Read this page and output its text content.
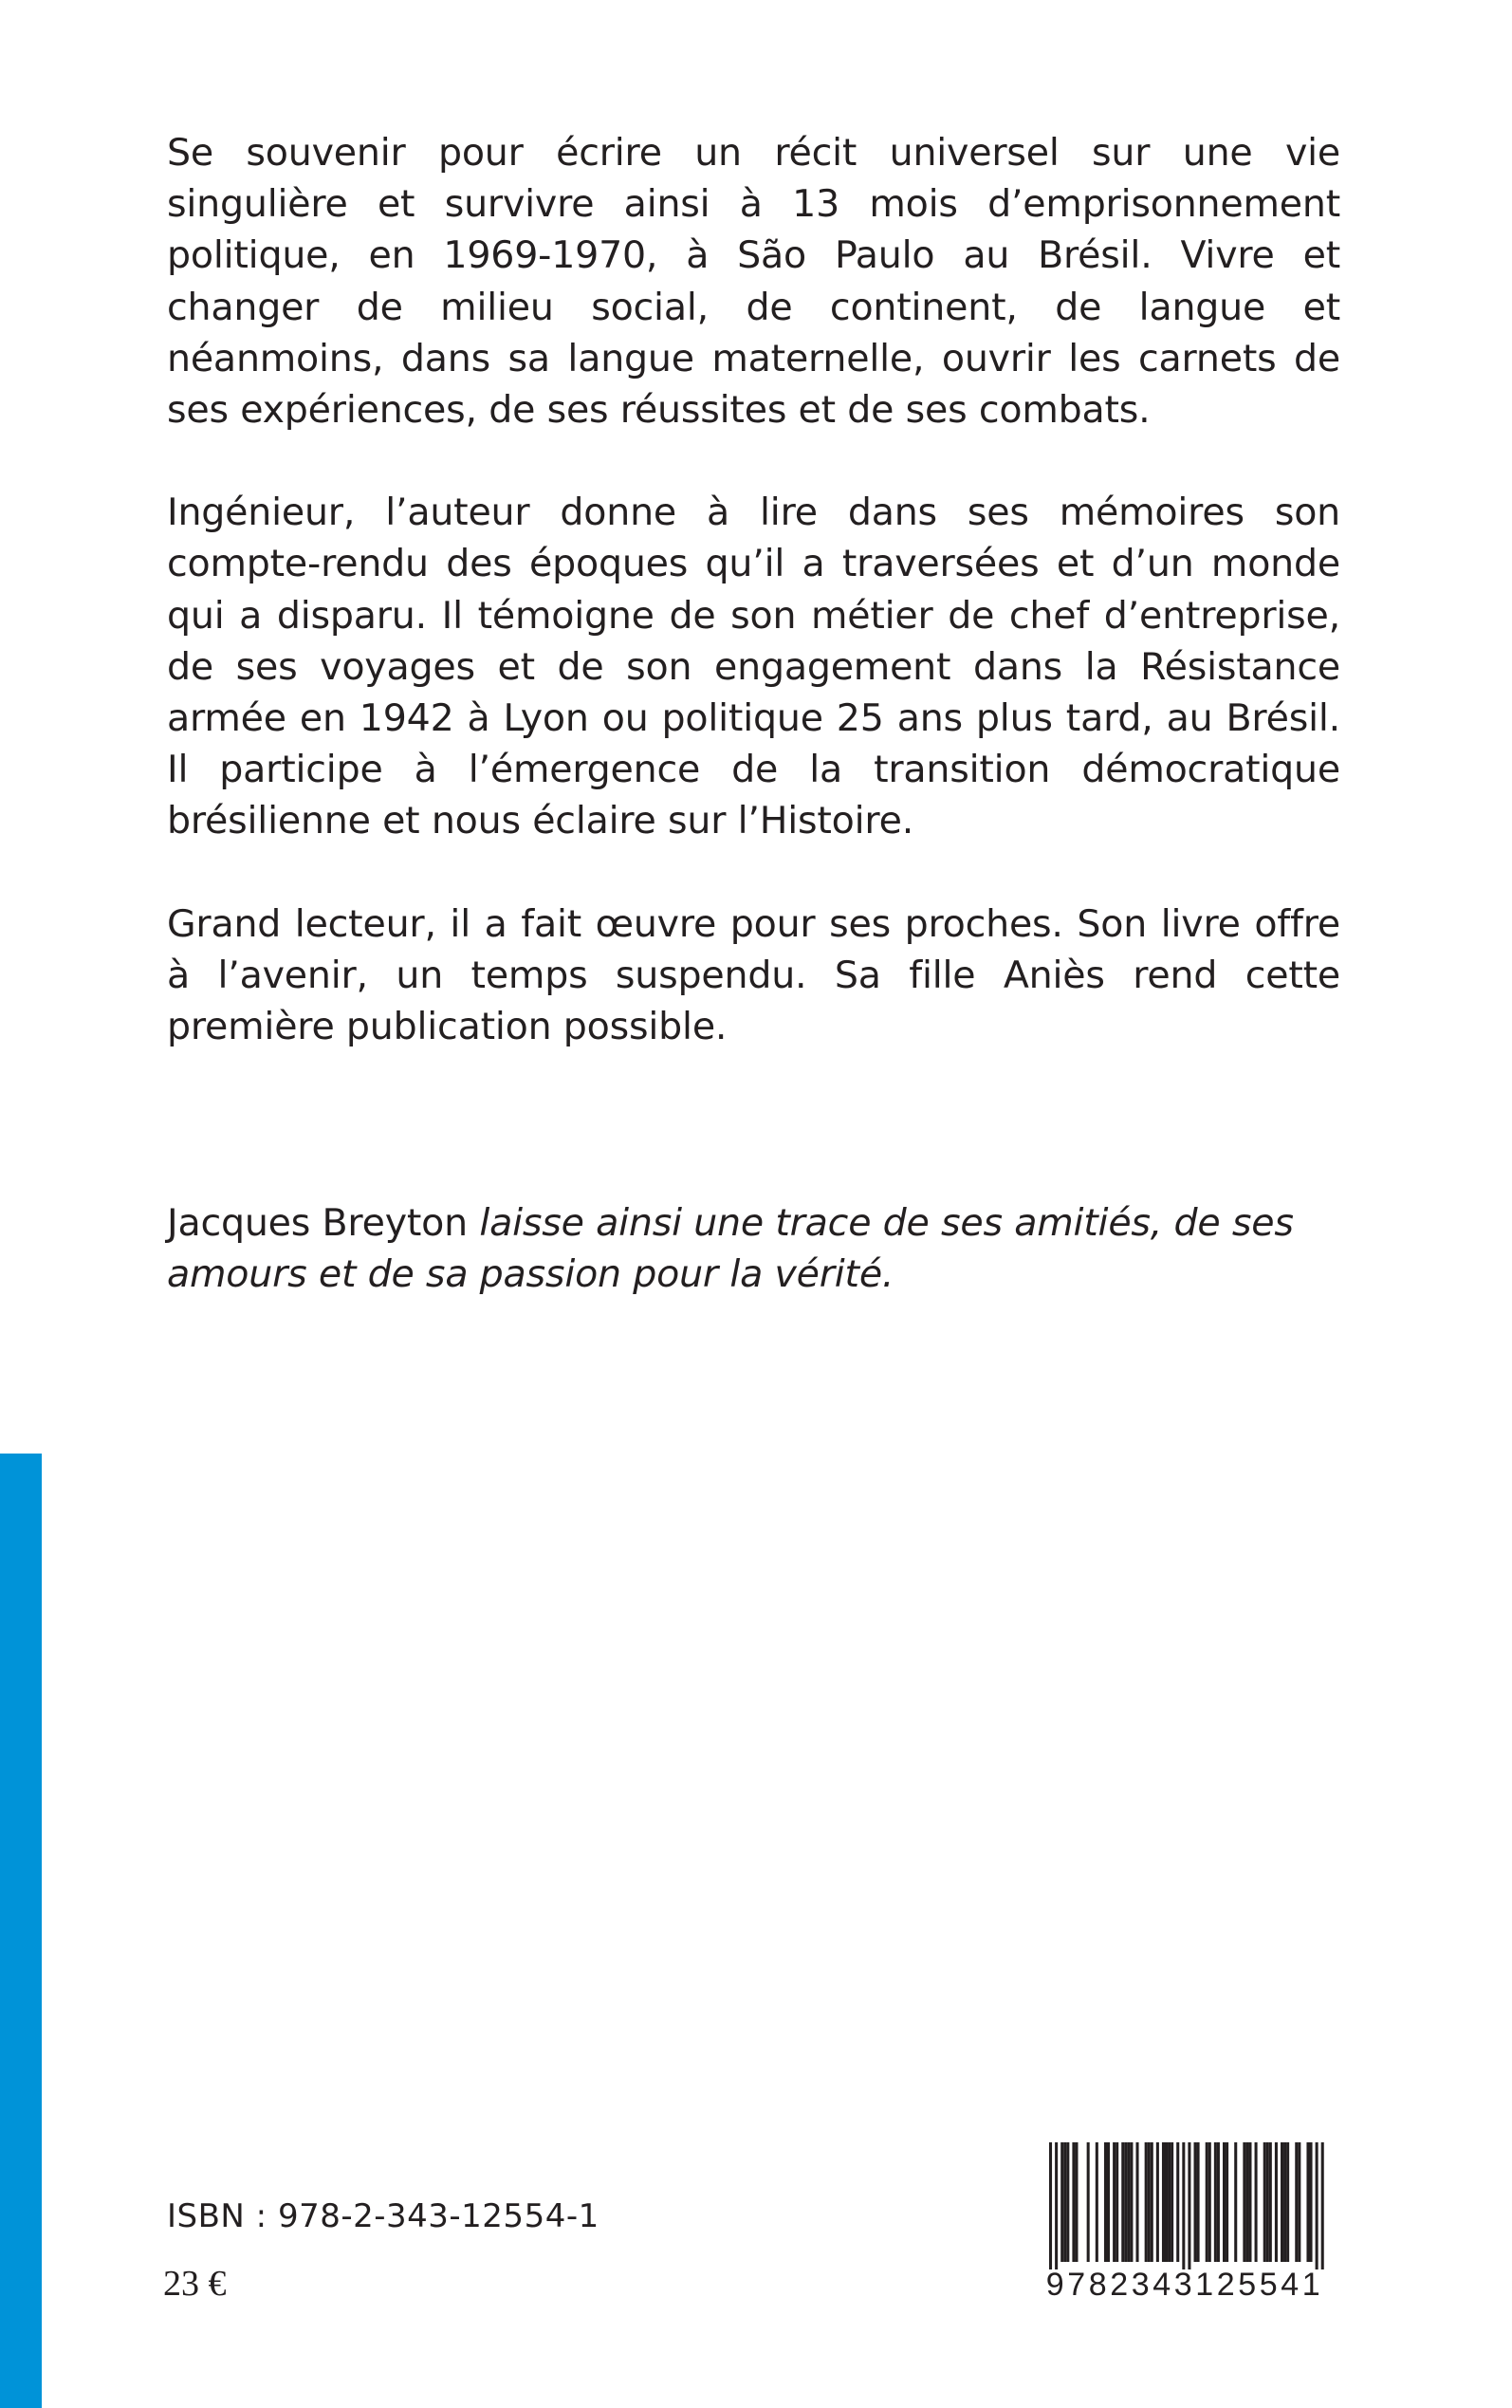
Se souvenir pour écrire un récit universel sur une vie singulière et survivre ainsi à 13 mois d’emprisonnement politique, en 1969-1970, à São Paulo au Brésil. Vivre et changer de milieu social, de continent, de langue et néanmoins, dans sa langue maternelle, ouvrir les carnets de ses expériences, de ses réussites et de ses combats.

Ingénieur, l’auteur donne à lire dans ses mémoires son compte-rendu des époques qu’il a traversées et d’un monde qui a disparu. Il témoigne de son métier de chef d’entreprise, de ses voyages et de son engagement dans la Résistance armée en 1942 à Lyon ou politique 25 ans plus tard, au Brésil. Il participe à l’émergence de la transition démocratique brésilienne et nous éclaire sur l’Histoire.

Grand lecteur, il a fait œuvre pour ses proches. Son livre offre à l’avenir, un temps suspendu. Sa fille Aniès rend cette première publication possible.

Jacques Breyton laisse ainsi une trace de ses amitiés, de ses amours et de sa passion pour la vérité.

ISBN : 978-2-343-12554-1
23 €	9782343125541
